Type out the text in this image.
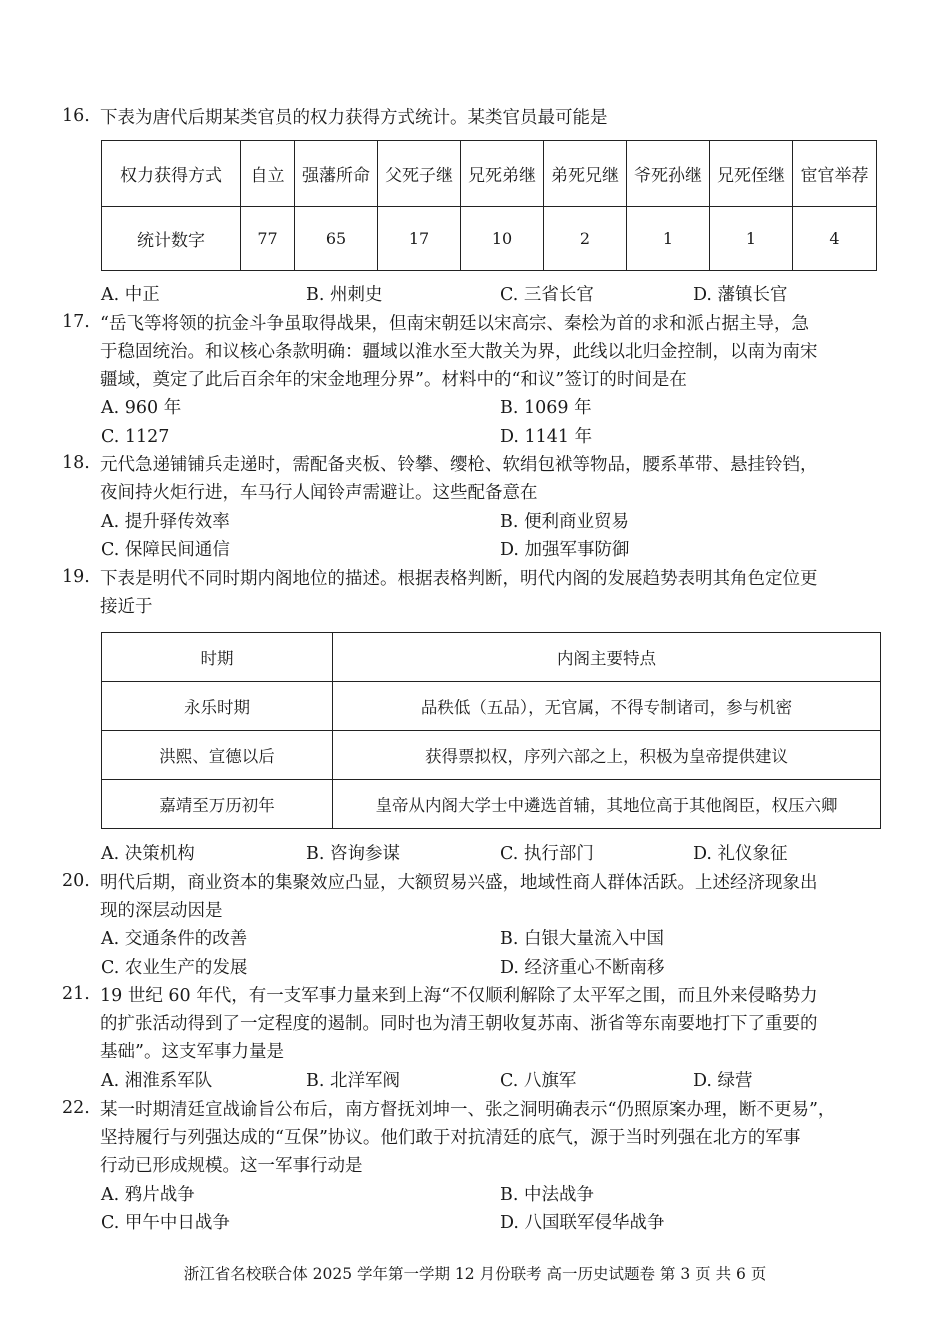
16. 下表为唐代后期某类官员的权力获得方式统计。某类官员最可能是
权力获得方式	自立	强藩所命	父死子继	兄死弟继	弟死兄继	爷死孙继	兄死侄继	宦官举荐
统计数字	77	65	17	10	2	1	1	4
A. 中正	B. 州刺史	C. 三省长官	D. 藩镇长官
17. “岳飞等将领的抗金斗争虽取得战果，但南宋朝廷以宋高宗、秦桧为首的求和派占据主导，急
于稳固统治。和议核心条款明确：疆域以淮水至大散关为界，此线以北归金控制，以南为南宋
疆域，奠定了此后百余年的宋金地理分界”。材料中的“和议”签订的时间是在
A. 960 年	B. 1069 年
C. 1127	D. 1141 年
18. 元代急递铺铺兵走递时，需配备夹板、铃攀、缨枪、软绢包袱等物品，腰系革带、悬挂铃铛，
夜间持火炬行进，车马行人闻铃声需避让。这些配备意在
A. 提升驿传效率	B. 便利商业贸易
C. 保障民间通信	D. 加强军事防御
19. 下表是明代不同时期内阁地位的描述。根据表格判断，明代内阁的发展趋势表明其角色定位更
接近于
时期	内阁主要特点
永乐时期	品秩低（五品），无官属，不得专制诸司，参与机密
洪熙、宣德以后	获得票拟权，序列六部之上，积极为皇帝提供建议
嘉靖至万历初年	皇帝从内阁大学士中遴选首辅，其地位高于其他阁臣，权压六卿
A. 决策机构	B. 咨询参谋	C. 执行部门	D. 礼仪象征
20. 明代后期，商业资本的集聚效应凸显，大额贸易兴盛，地域性商人群体活跃。上述经济现象出
现的深层动因是
A. 交通条件的改善	B. 白银大量流入中国
C. 农业生产的发展	D. 经济重心不断南移
21. 19 世纪 60 年代，有一支军事力量来到上海“不仅顺利解除了太平军之围，而且外来侵略势力
的扩张活动得到了一定程度的遏制。同时也为清王朝收复苏南、浙省等东南要地打下了重要的
基础”。这支军事力量是
A. 湘淮系军队	B. 北洋军阀	C. 八旗军	D. 绿营
22. 某一时期清廷宣战谕旨公布后，南方督抚刘坤一、张之洞明确表示“仍照原案办理，断不更易”，
坚持履行与列强达成的“互保”协议。他们敢于对抗清廷的底气，源于当时列强在北方的军事
行动已形成规模。这一军事行动是
A. 鸦片战争	B. 中法战争
C. 甲午中日战争	D. 八国联军侵华战争
浙江省名校联合体 2025 学年第一学期 12 月份联考 高一历史试题卷 第 3 页 共 6 页
